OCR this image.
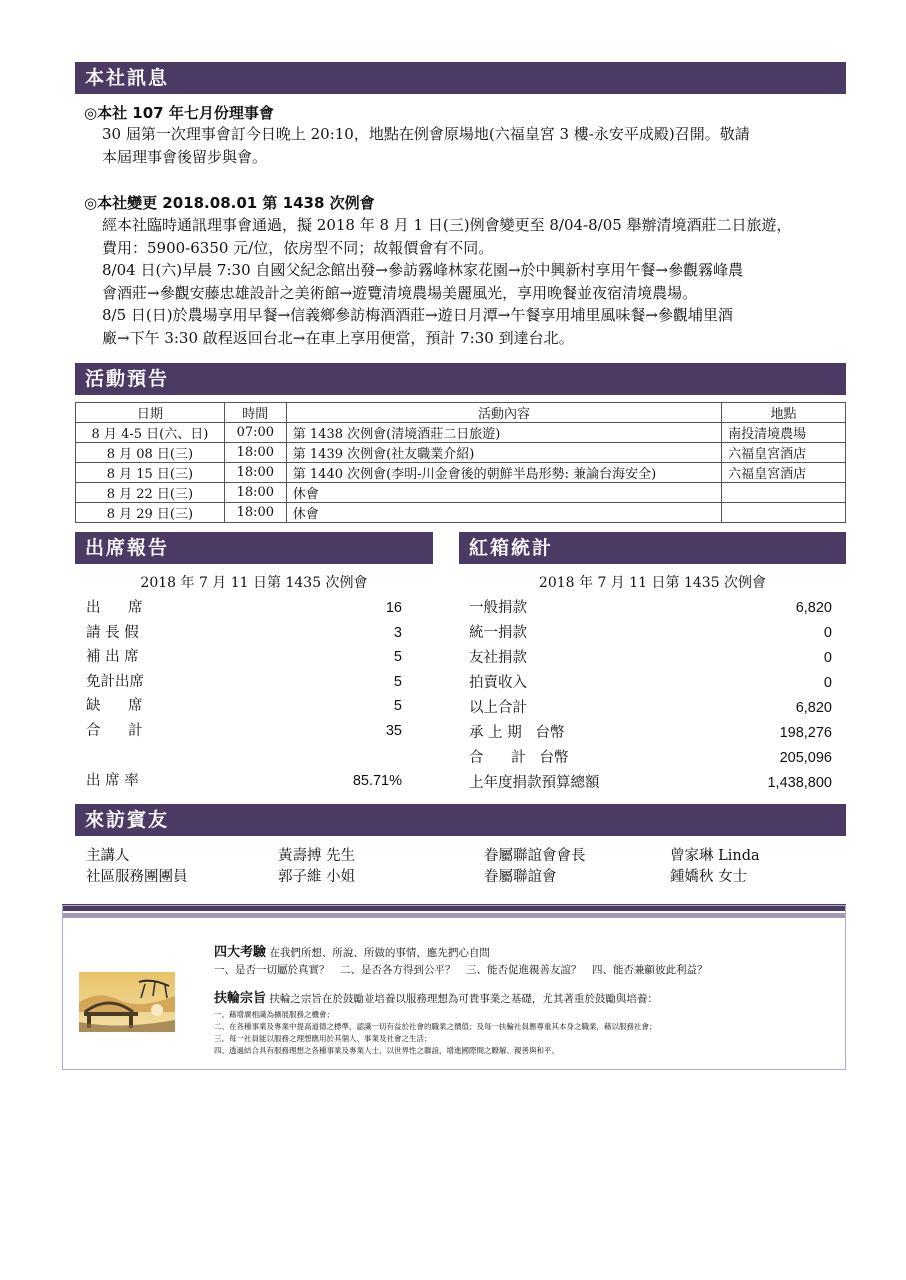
本社訊息
◎本社 107 年七月份理事會
30 屆第一次理事會訂今日晚上 20:10，地點在例會原場地(六福皇宮 3 樓-永安平成殿)召開。敬請
本屆理事會後留步與會。
◎本社變更 2018.08.01 第 1438 次例會
經本社臨時通訊理事會通過，擬 2018 年 8 月 1 日(三)例會變更至 8/04-8/05 舉辦清境酒莊二日旅遊，
費用：5900-6350 元/位，依房型不同；故報價會有不同。
8/04 日(六)早晨 7:30 自國父紀念館出發→參訪霧峰林家花園→於中興新村享用午餐→參觀霧峰農
會酒莊→參觀安藤忠雄設計之美術館→遊覽清境農場美麗風光，享用晚餐並夜宿清境農場。
8/5 日(日)於農場享用早餐→信義鄉參訪梅酒酒莊→遊日月潭→午餐享用埔里風味餐→參觀埔里酒
廠→下午 3:30 啟程返回台北→在車上享用便當，預計 7:30 到達台北。
活動預告
日期	時間	活動內容	地點
8 月 4-5 日(六、日)	07:00	第 1438 次例會(清境酒莊二日旅遊)	南投清境農場
8 月 08 日(三)	18:00	第 1439 次例會(社友職業介紹)	六福皇宮酒店
8 月 15 日(三)	18:00	第 1440 次例會(李明-川金會後的朝鮮半島形勢: 兼論台海安全)	六福皇宮酒店
8 月 22 日(三)	18:00	休會	
8 月 29 日(三)	18:00	休會	
出席報告
2018 年 7 月 11 日第 1435 次例會
出      席	16
請 長 假	3
補 出 席	5
免計出席	5
缺      席	5
合      計	35
出 席 率	85.71%
紅箱統計
2018 年 7 月 11 日第 1435 次例會
一般捐款	6,820
統一捐款	0
友社捐款	0
拍賣收入	0
以上合計	6,820
承 上 期   台幣	198,276
合      計   台幣	205,096
上年度捐款預算總額	1,438,800
來訪賓友
主講人	黃壽搏 先生	眷屬聯誼會會長	曾家琳 Linda
社區服務團團員	郭子維 小姐	眷屬聯誼會	鍾嬌秋 女士
四大考驗 在我們所想、所說、所做的事情，應先捫心自問
一、是否一切屬於真實？　二、是否各方得到公平？　三、能否促進親善友誼？　四、能否兼顧彼此利益？
扶輪宗旨 扶輪之宗旨在於鼓勵並培養以服務理想為可貴事業之基礎，尤其著重於鼓勵與培養：
一、藉增廣相識為擴展服務之機會；
二、在各種事業及專業中提高道德之標準，認識一切有益於社會的職業之價值；及每一扶輪社員應尊重其本身之職業，藉以服務社會；
三、每一社員能以服務之理想應用於其個人、事業及社會之生活；
四、透過結合具有服務理想之各種事業及專業人士，以世界性之聯誼，增進國際間之瞭解、親善與和平。
